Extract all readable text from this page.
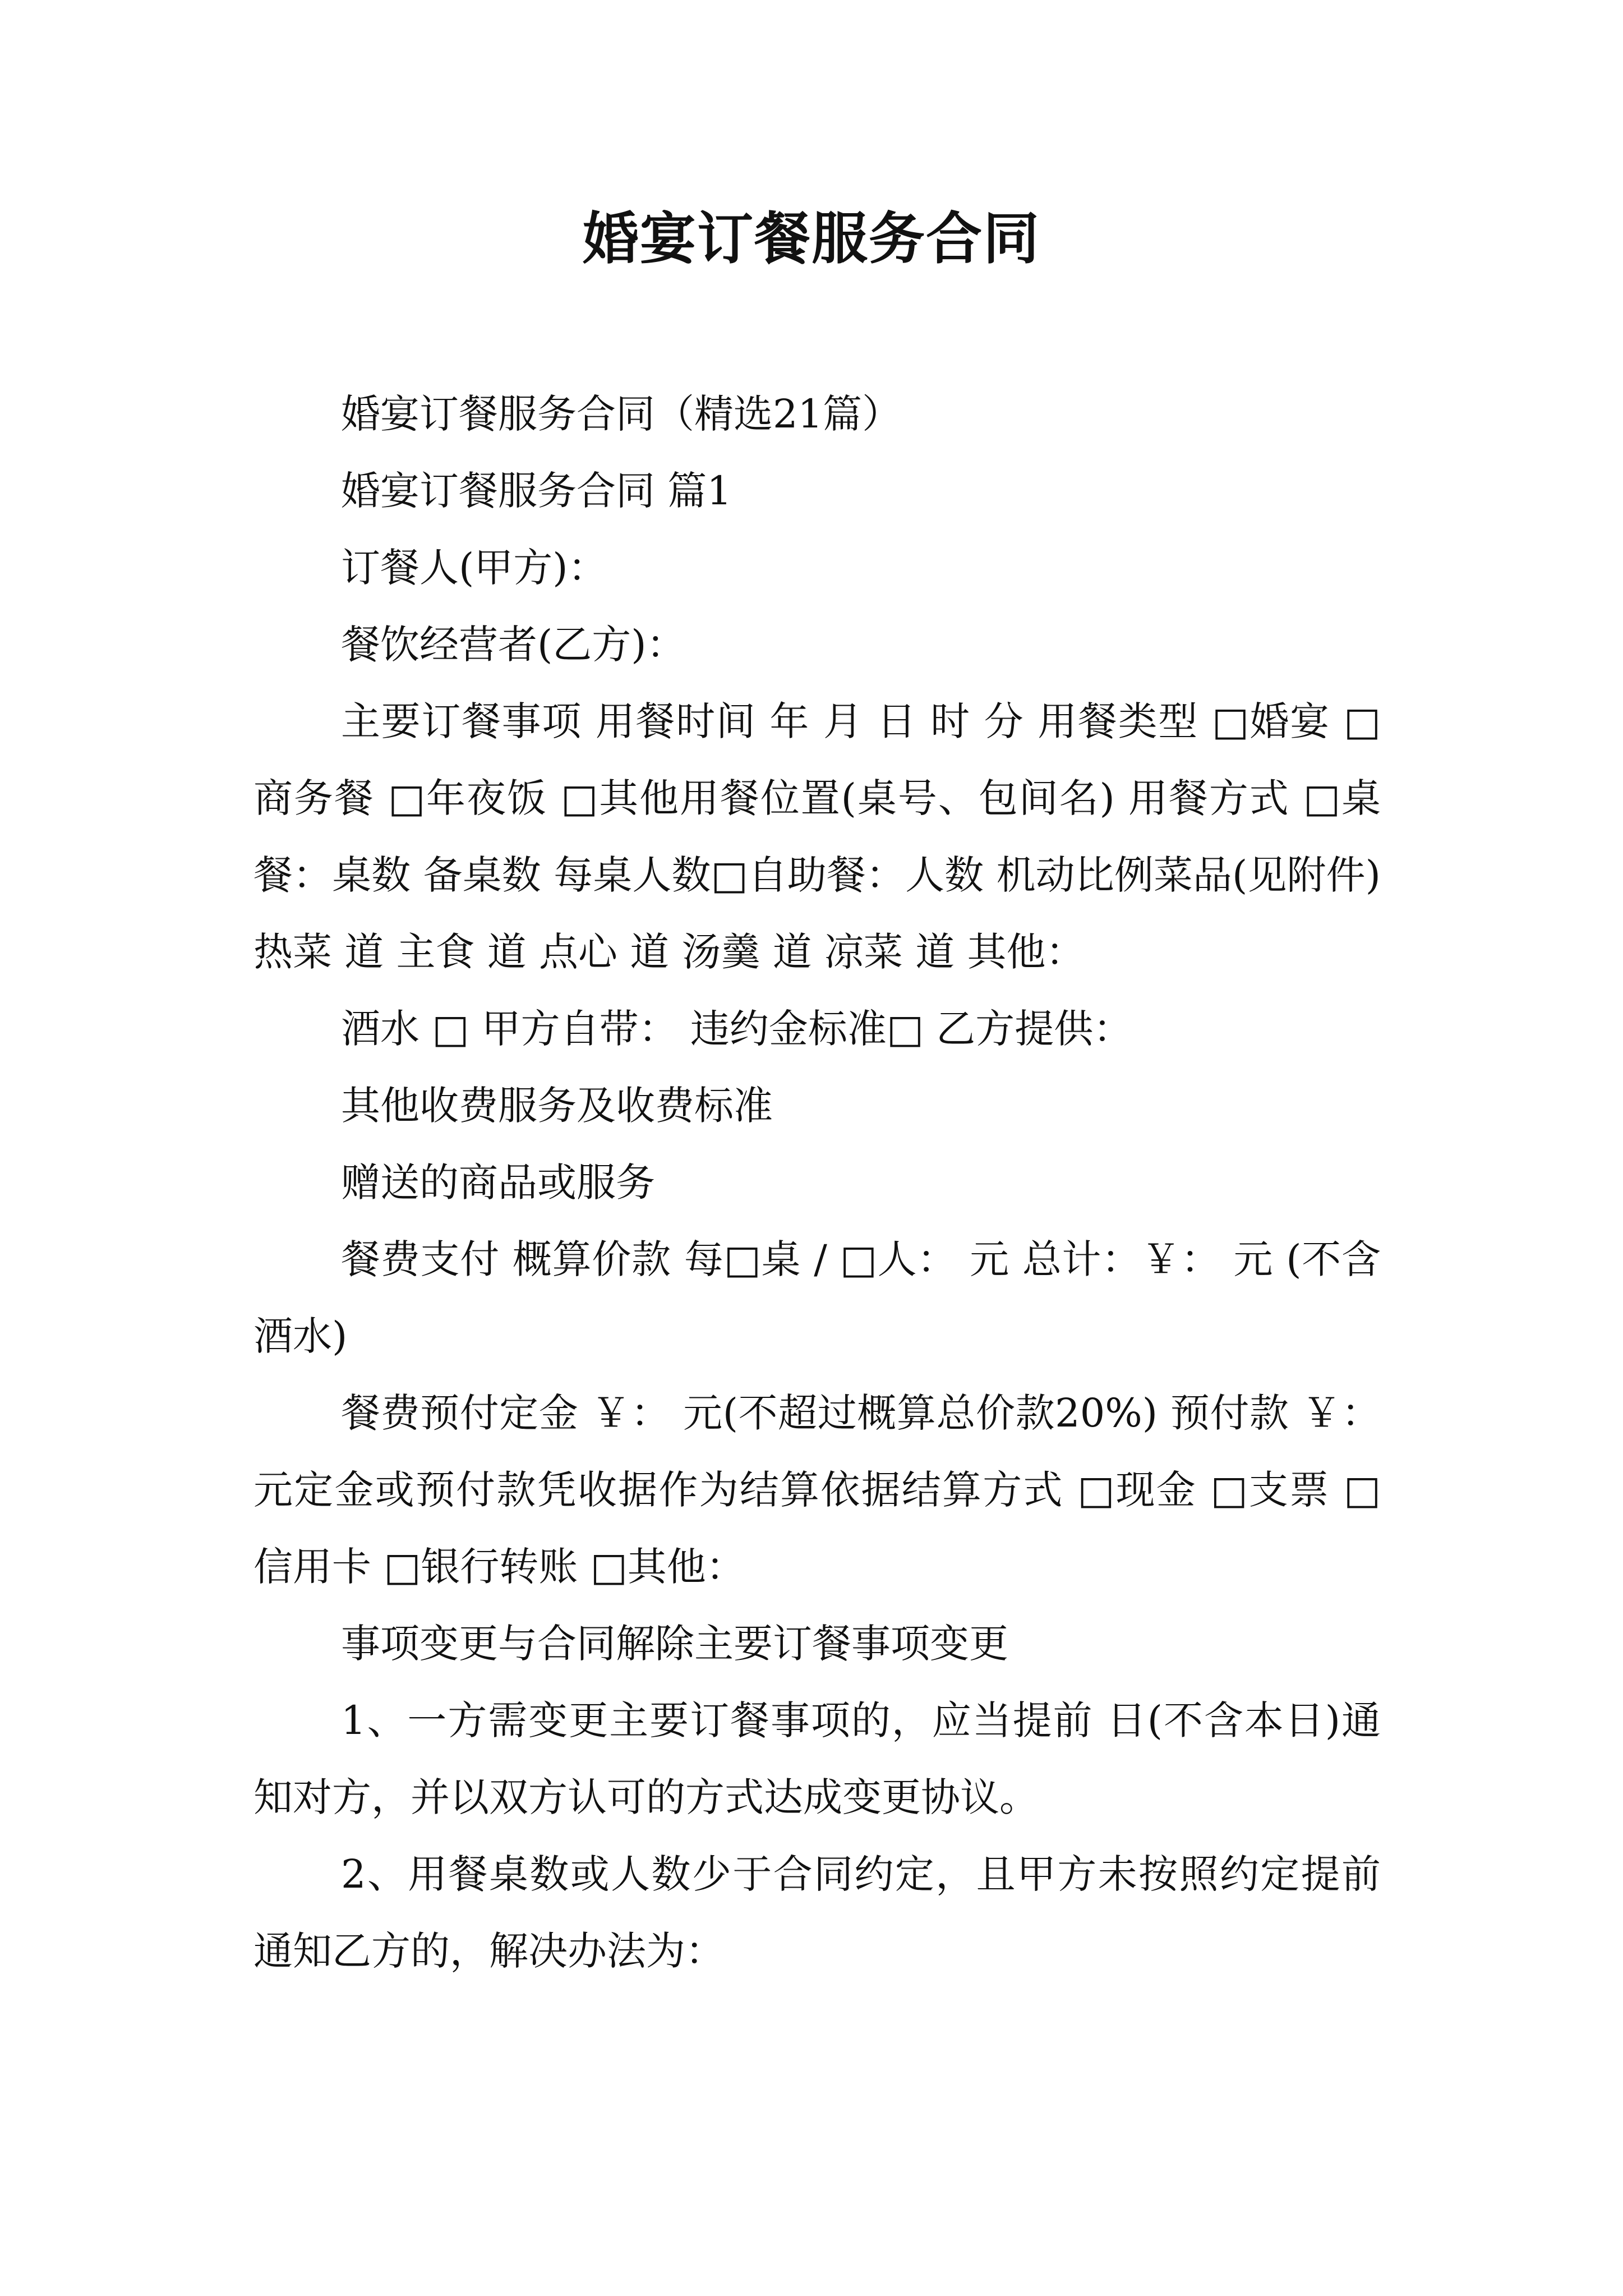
婚宴订餐服务合同

婚宴订餐服务合同（精选21篇）

婚宴订餐服务合同 篇1

订餐人(甲方)：

餐饮经营者(乙方)：

主要订餐事项 用餐时间 年 月 日 时 分 用餐类型 □婚宴 □商务餐 □年夜饭 □其他用餐位置(桌号、包间名) 用餐方式 □桌餐：桌数 备桌数 每桌人数□自助餐：人数 机动比例菜品(见附件) 热菜 道 主食 道 点心 道 汤羹 道 凉菜 道 其他：

酒水 □ 甲方自带： 违约金标准□ 乙方提供：

其他收费服务及收费标准

赠送的商品或服务

餐费支付 概算价款 每□桌 / □人： 元 总计：￥： 元 (不含酒水)

餐费预付定金 ￥： 元(不超过概算总价款20%) 预付款 ￥： 元定金或预付款凭收据作为结算依据结算方式 □现金 □支票 □信用卡 □银行转账 □其他：

事项变更与合同解除主要订餐事项变更

1、一方需变更主要订餐事项的，应当提前 日(不含本日)通知对方，并以双方认可的方式达成变更协议。

2、用餐桌数或人数少于合同约定，且甲方未按照约定提前通知乙方的，解决办法为：
